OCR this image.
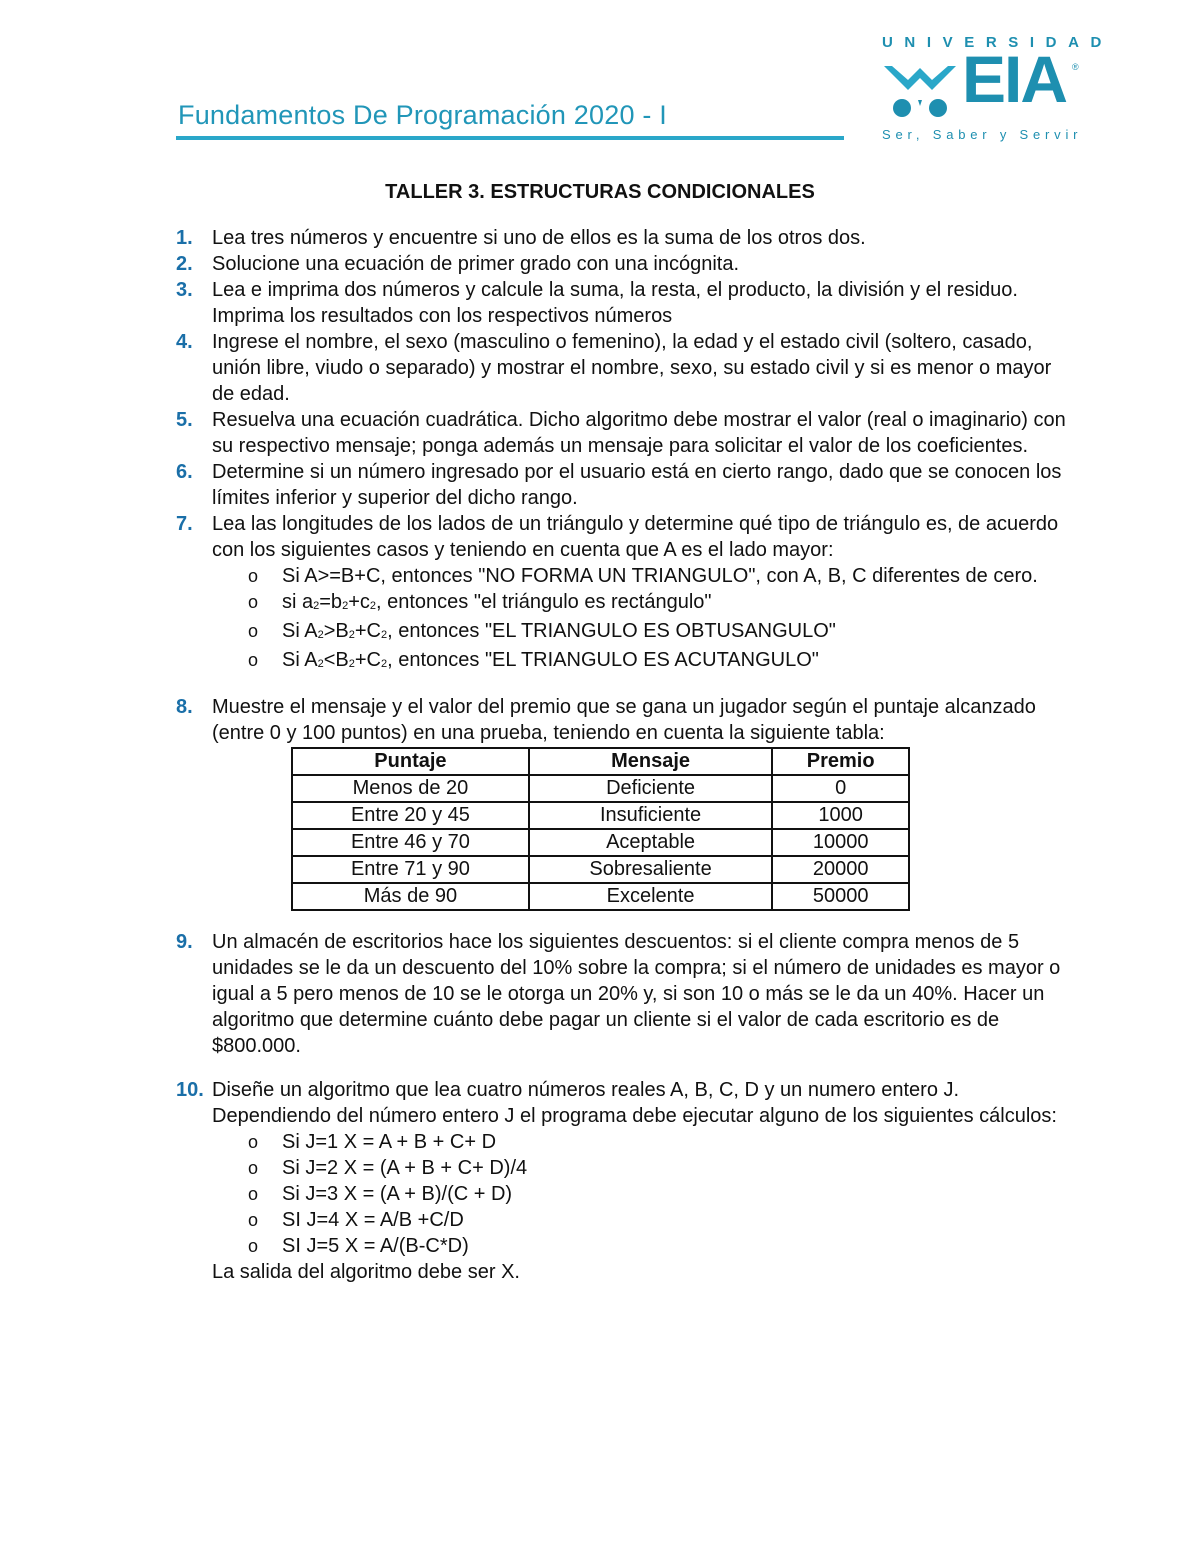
Fundamentos De Programación 2020 - I
UNIVERSIDAD
EIA ®
Ser, Saber y Servir
TALLER 3. ESTRUCTURAS CONDICIONALES
1. Lea tres números y encuentre si uno de ellos es la suma de los otros dos.
2. Solucione una ecuación de primer grado con una incógnita.
3. Lea e imprima dos números y calcule la suma, la resta, el producto, la división y el residuo. Imprima los resultados con los respectivos números
4. Ingrese el nombre, el sexo (masculino o femenino), la edad y el estado civil (soltero, casado, unión libre, viudo o separado) y mostrar el nombre, sexo, su estado civil y si es menor o mayor de edad.
5. Resuelva una ecuación cuadrática. Dicho algoritmo debe mostrar el valor (real o imaginario) con su respectivo mensaje; ponga además un mensaje para solicitar el valor de los coeficientes.
6. Determine si un número ingresado por el usuario está en cierto rango, dado que se conocen los límites inferior y superior del dicho rango.
7. Lea las longitudes de los lados de un triángulo y determine qué tipo de triángulo es, de acuerdo con los siguientes casos y teniendo en cuenta que A es el lado mayor:
o Si A>=B+C, entonces "NO FORMA UN TRIANGULO", con A, B, C diferentes de cero.
o si $a_2=b_2+c_2$, entonces "el triángulo es rectángulo"
o Si $A_2>B_2+C_2$, entonces "EL TRIANGULO ES OBTUSANGULO"
o Si $A_2<B_2+C_2$, entonces "EL TRIANGULO ES ACUTANGULO"
8. Muestre el mensaje y el valor del premio que se gana un jugador según el puntaje alcanzado (entre 0 y 100 puntos) en una prueba, teniendo en cuenta la siguiente tabla:
Puntaje	Mensaje	Premio
Menos de 20	Deficiente	0
Entre 20 y 45	Insuficiente	1000
Entre 46 y 70	Aceptable	10000
Entre 71 y 90	Sobresaliente	20000
Más de 90	Excelente	50000
9. Un almacén de escritorios hace los siguientes descuentos: si el cliente compra menos de 5 unidades se le da un descuento del 10% sobre la compra; si el número de unidades es mayor o igual a 5 pero menos de 10 se le otorga un 20% y, si son 10 o más se le da un 40%. Hacer un algoritmo que determine cuánto debe pagar un cliente si el valor de cada escritorio es de $800.000.
10. Diseñe un algoritmo que lea cuatro números reales A, B, C, D y un numero entero J. Dependiendo del número entero J el programa debe ejecutar alguno de los siguientes cálculos:
o Si J=1 X = A + B + C+ D
o Si J=2 X = (A + B + C+ D)/4
o Si J=3 X = (A + B)/(C + D)
o SI J=4 X = A/B +C/D
o SI J=5 X = A/(B-C*D)
La salida del algoritmo debe ser X.
